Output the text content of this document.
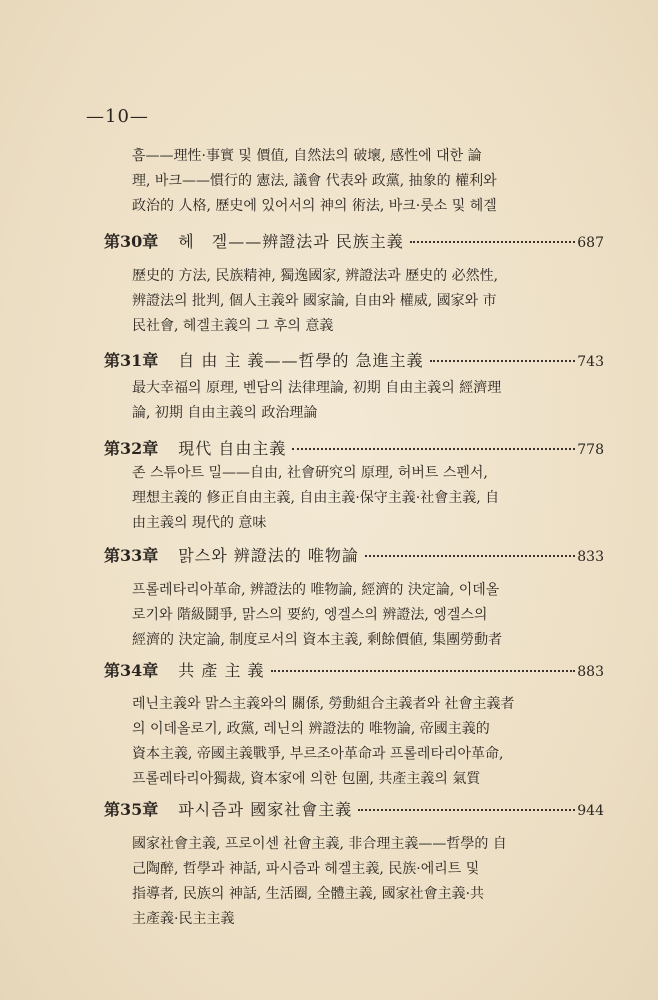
—10—
흠——理性·事實 및 價值, 自然法의 破壞, 感性에 대한 論
理, 바크——慣行的 憲法, 議會 代表와 政黨, 抽象的 權利와
政治的 人格, 歷史에 있어서의 神의 術法, 바크·룻소 및 헤겔
第30章 헤　겔——辨證法과 民族主義	687
歷史的 方法, 民族精神, 獨逸國家, 辨證法과 歷史的 必然性,
辨證法의 批判, 個人主義와 國家論, 自由와 權威, 國家와 市
民社會, 헤겔主義의 그 후의 意義
第31章 自 由 主 義——哲學的 急進主義	743
最大幸福의 原理, 벤담의 法律理論, 初期 自由主義의 經濟理
論, 初期 自由主義의 政治理論
第32章 現代 自由主義	778
존 스튜아트 밀——自由, 社會硏究의 原理, 허버트 스펜서,
理想主義的 修正自由主義, 自由主義·保守主義·社會主義, 自
由主義의 現代的 意味
第33章 맑스와 辨證法的 唯物論	833
프롤레타리아革命, 辨證法的 唯物論, 經濟的 決定論, 이데올
로기와 階級鬪爭, 맑스의 要約, 엥겔스의 辨證法, 엥겔스의
經濟的 決定論, 制度로서의 資本主義, 剩餘價値, 集團勞動者
第34章 共 產 主 義	883
레닌主義와 맑스主義와의 關係, 勞動組合主義者와 社會主義者
의 이데올로기, 政黨, 레닌의 辨證法的 唯物論, 帝國主義的
資本主義, 帝國主義戰爭, 부르조아革命과 프롤레타리아革命,
프롤레타리아獨裁, 資本家에 의한 包圍, 共產主義의 氣質
第35章 파시즘과 國家社會主義	944
國家社會主義, 프로이센 社會主義, 非合理主義——哲學的 自
己陶醉, 哲學과 神話, 파시즘과 헤겔主義, 民族·에리트 및
指導者, 民族의 神話, 生活圈, 全體主義, 國家社會主義·共
主產義·民主主義
